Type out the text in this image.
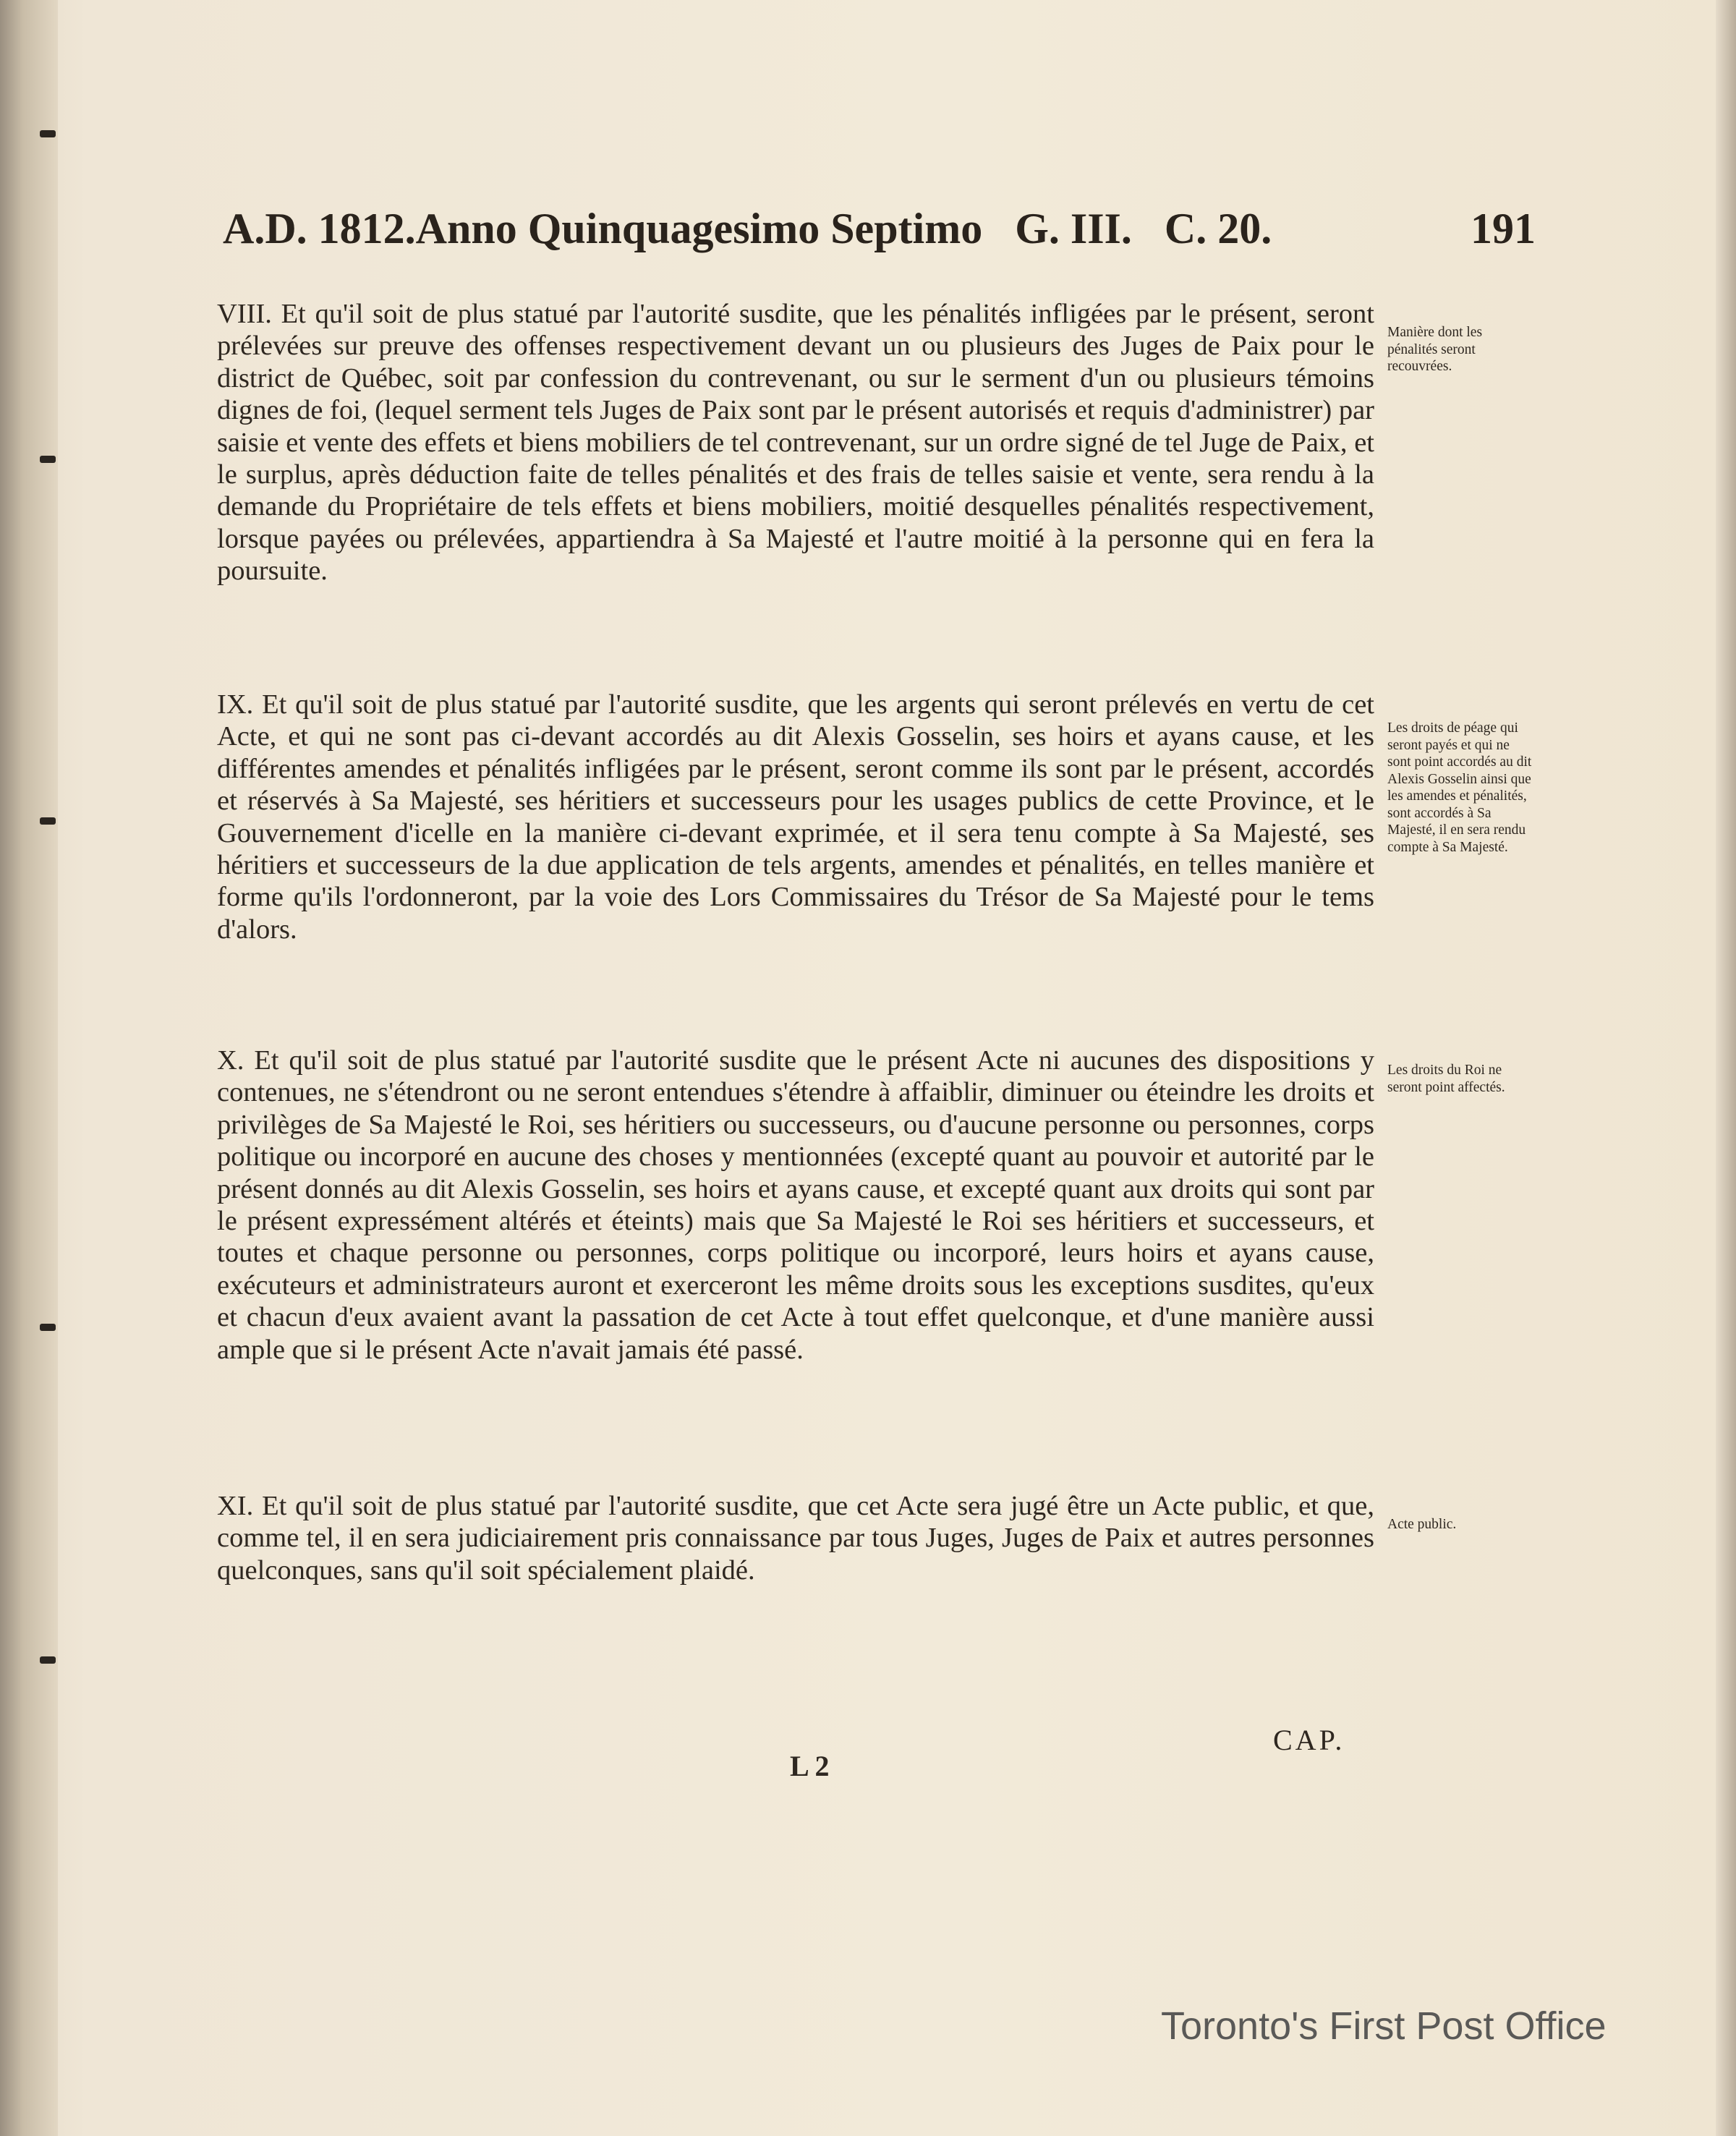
A.D. 1812.Anno Quinquagesimo Septimo G. III. C. 20.	191

VIII. Et qu'il soit de plus statué par l'autorité susdite, que les pénalités infligées par le présent, seront prélevées sur preuve des offenses respectivement devant un ou plusieurs des Juges de Paix pour le district de Québec, soit par confession du contrevenant, ou sur le serment d'un ou plusieurs témoins dignes de foi, (lequel serment tels Juges de Paix sont par le présent autorisés et requis d'administrer) par saisie et vente des effets et biens mobiliers de tel contrevenant, sur un ordre signé de tel Juge de Paix, et le surplus, après déduction faite de telles pénalités et des frais de telles saisie et vente, sera rendu à la demande du Propriétaire de tels effets et biens mobiliers, moitié desquelles pénalités respectivement, lorsque payées ou prélevées, appartiendra à Sa Majesté et l'autre moitié à la personne qui en fera la poursuite.

Manière dont les pénalités seront recouvrées.

IX. Et qu'il soit de plus statué par l'autorité susdite, que les argents qui seront prélevés en vertu de cet Acte, et qui ne sont pas ci-devant accordés au dit Alexis Gosselin, ses hoirs et ayans cause, et les différentes amendes et pénalités infligées par le présent, seront comme ils sont par le présent, accordés et réservés à Sa Majesté, ses héritiers et successeurs pour les usages publics de cette Province, et le Gouvernement d'icelle en la manière ci-devant exprimée, et il sera tenu compte à Sa Majesté, ses héritiers et successeurs de la due application de tels argents, amendes et pénalités, en telles manière et forme qu'ils l'ordonneront, par la voie des Lors Commissaires du Trésor de Sa Majesté pour le tems d'alors.

Les droits de péage qui seront payés et qui ne sont point accordés au dit Alexis Gosselin ainsi que les amendes et pénalités, sont accordés à Sa Majesté, il en sera rendu compte à Sa Majesté.

X. Et qu'il soit de plus statué par l'autorité susdite que le présent Acte ni aucunes des dispositions y contenues, ne s'étendront ou ne seront entendues s'étendre à affaiblir, diminuer ou éteindre les droits et privilèges de Sa Majesté le Roi, ses héritiers ou successeurs, ou d'aucune personne ou personnes, corps politique ou incorporé en aucune des choses y mentionnées (excepté quant au pouvoir et autorité par le présent donnés au dit Alexis Gosselin, ses hoirs et ayans cause, et excepté quant aux droits qui sont par le présent expressément altérés et éteints) mais que Sa Majesté le Roi ses héritiers et successeurs, et toutes et chaque personne ou personnes, corps politique ou incorporé, leurs hoirs et ayans cause, exécuteurs et administrateurs auront et exerceront les même droits sous les exceptions susdites, qu'eux et chacun d'eux avaient avant la passation de cet Acte à tout effet quelconque, et d'une manière aussi ample que si le présent Acte n'avait jamais été passé.

Les droits du Roi ne seront point affectés.

XI. Et qu'il soit de plus statué par l'autorité susdite, que cet Acte sera jugé être un Acte public, et que, comme tel, il en sera judiciairement pris connaissance par tous Juges, Juges de Paix et autres personnes quelconques, sans qu'il soit spécialement plaidé.

Acte public.
CAP.
L 2
Toronto's First Post Office
